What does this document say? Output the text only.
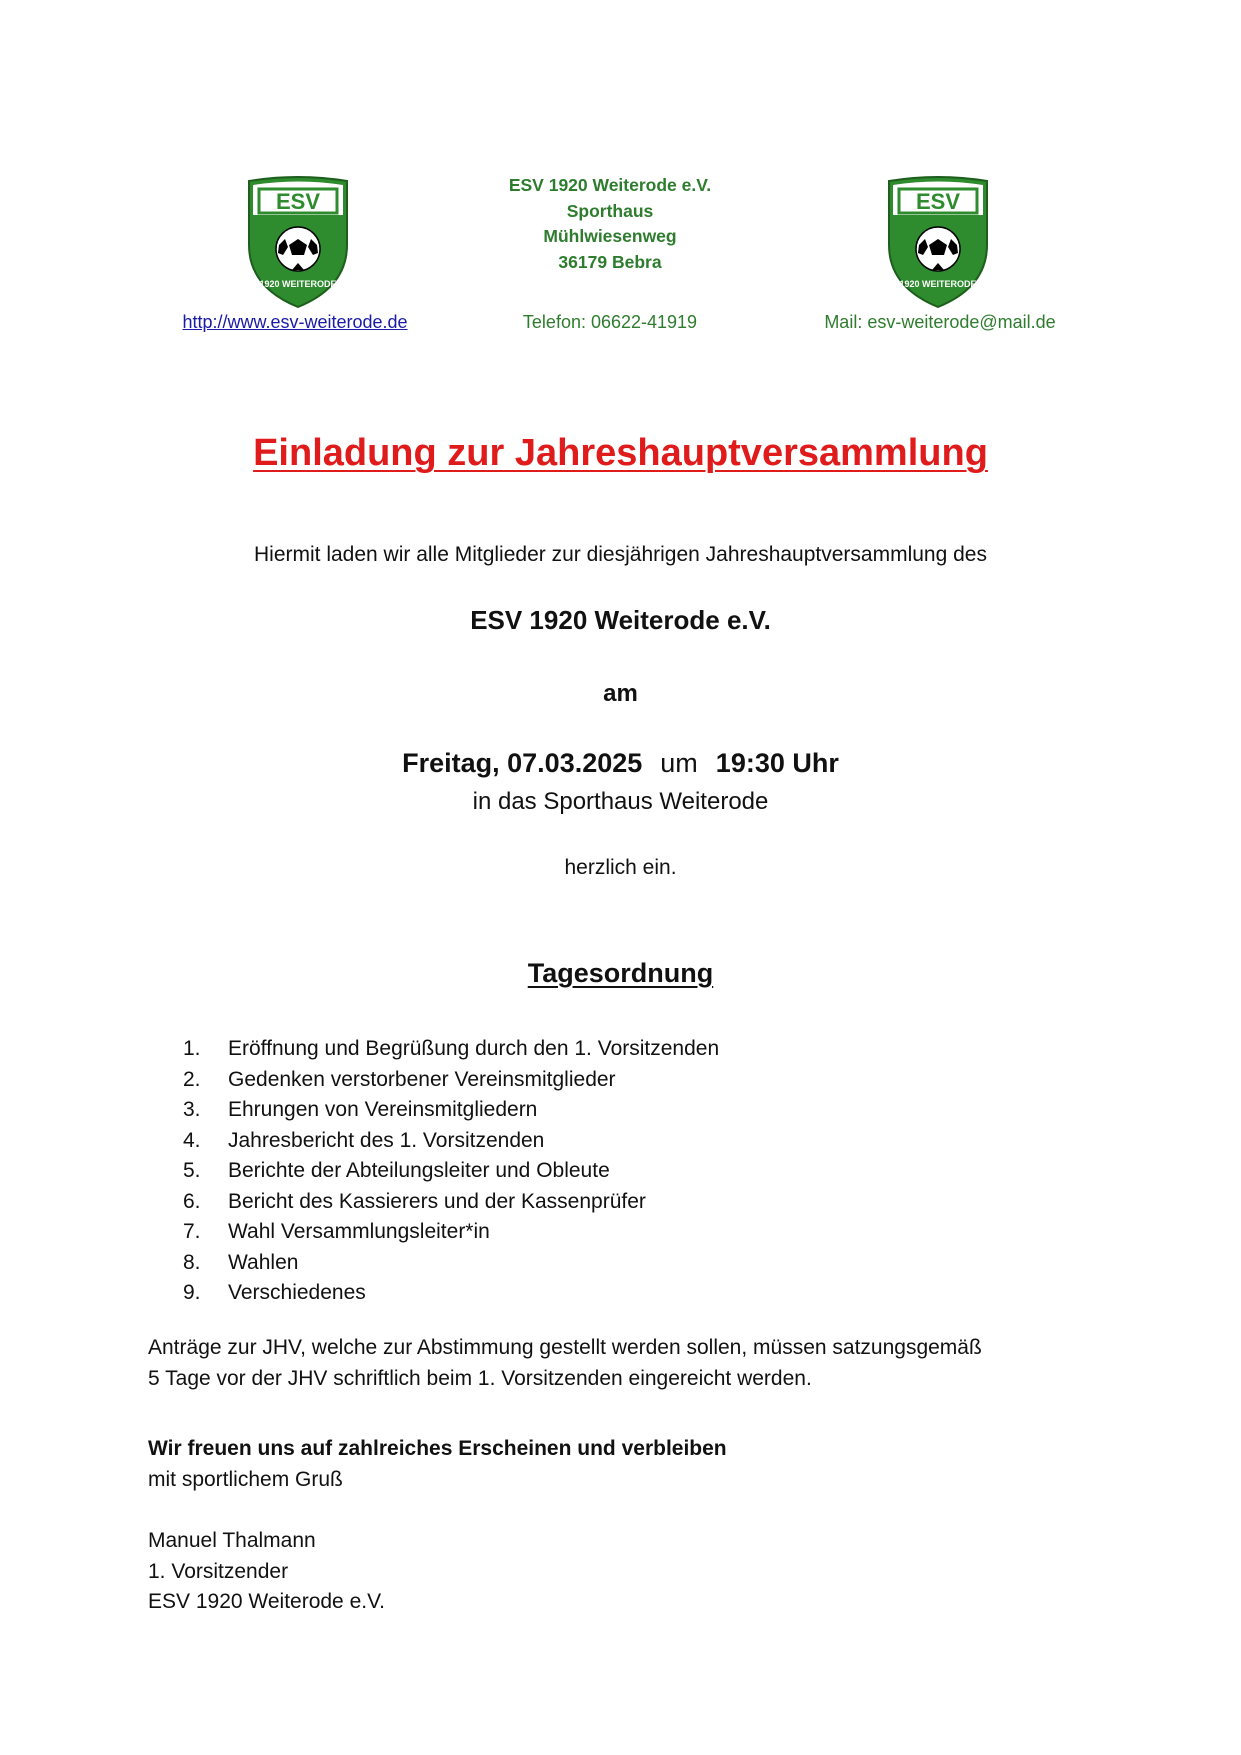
ESV
1920 WEITERODE
ESV 1920 Weiterode e.V.
Sporthaus
Mühlwiesenweg
36179 Bebra
ESV
1920 WEITERODE
http://www.esv-weiterode.de	Telefon: 06622-41919	Mail: esv-weiterode@mail.de
Einladung zur Jahreshauptversammlung
Hiermit laden wir alle Mitglieder zur diesjährigen Jahreshauptversammlung des
ESV 1920 Weiterode e.V.
am
Freitag, 07.03.2025 um 19:30 Uhr
in das Sporthaus Weiterode
herzlich ein.
Tagesordnung
1.	Eröffnung und Begrüßung durch den 1. Vorsitzenden
2.	Gedenken verstorbener Vereinsmitglieder
3.	Ehrungen von Vereinsmitgliedern
4.	Jahresbericht des 1. Vorsitzenden
5.	Berichte der Abteilungsleiter und Obleute
6.	Bericht des Kassierers und der Kassenprüfer
7.	Wahl Versammlungsleiter*in
8.	Wahlen
9.	Verschiedenes
Anträge zur JHV, welche zur Abstimmung gestellt werden sollen, müssen satzungsgemäß
5 Tage vor der JHV schriftlich beim 1. Vorsitzenden eingereicht werden.
Wir freuen uns auf zahlreiches Erscheinen und verbleiben
mit sportlichem Gruß
Manuel Thalmann
1. Vorsitzender
ESV 1920 Weiterode e.V.
